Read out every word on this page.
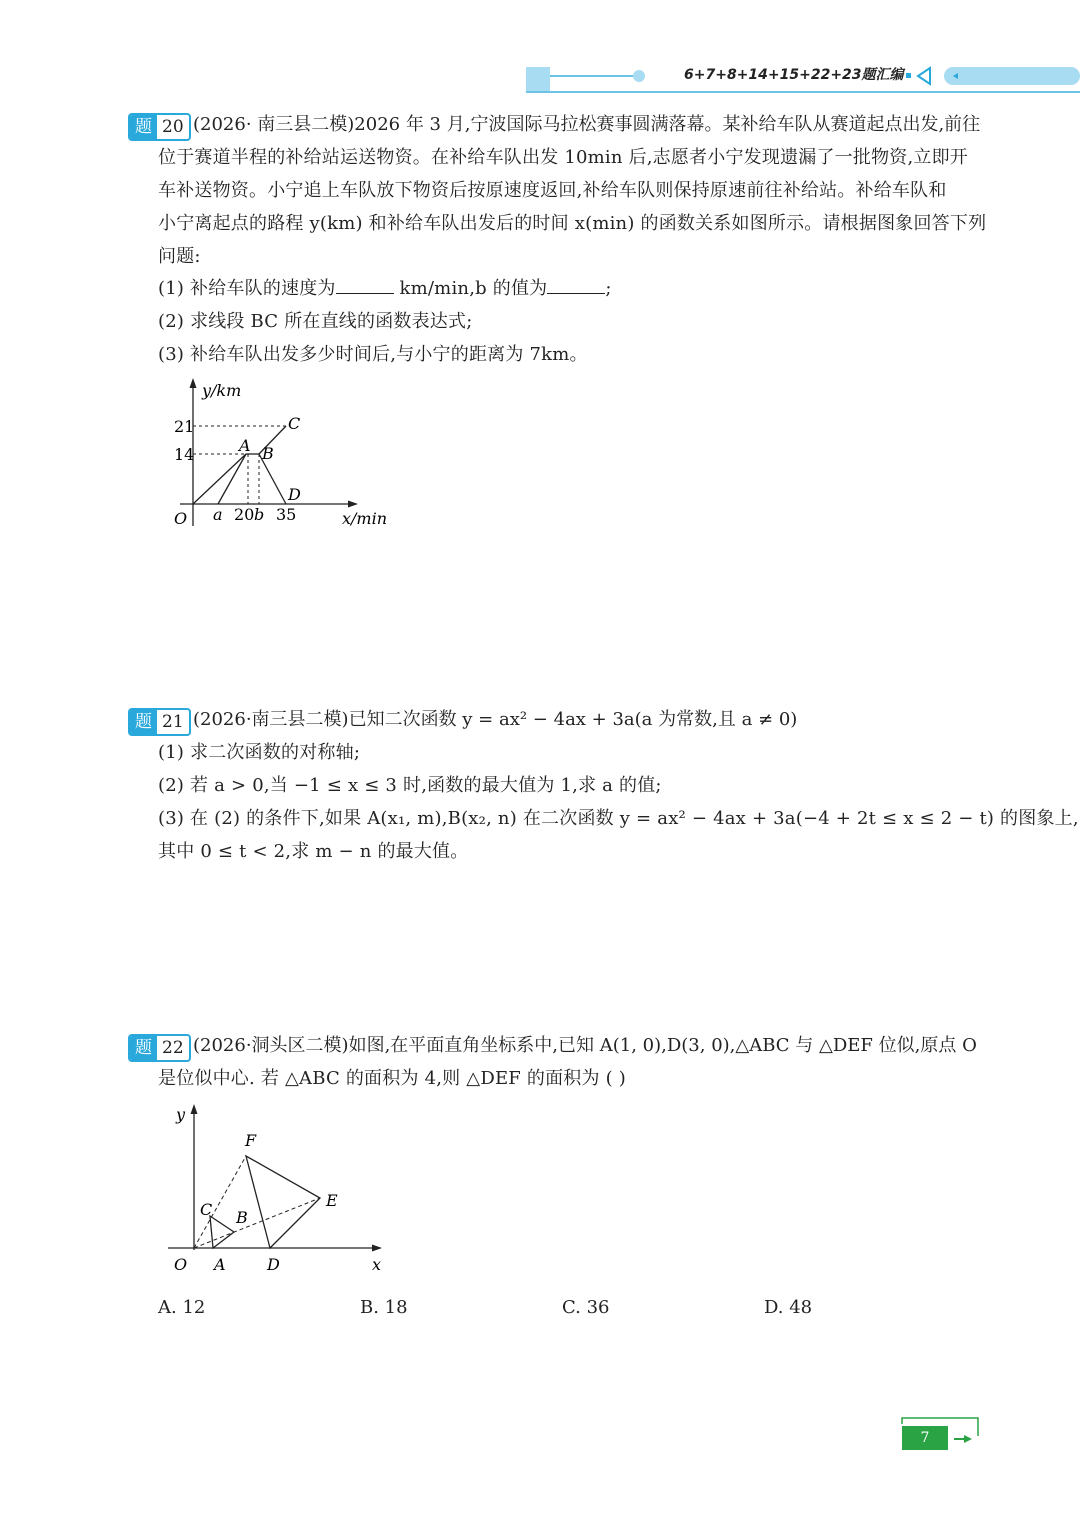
6+7+8+14+15+22+23题汇编
题 20 (2026· 南三县二模)2026 年 3 月,宁波国际马拉松赛事圆满落幕。某补给车队从赛道起点出发,前往
位于赛道半程的补给站运送物资。在补给车队出发 10min 后,志愿者小宁发现遗漏了一批物资,立即开
车补送物资。小宁追上车队放下物资后按原速度返回,补给车队则保持原速前往补给站。补给车队和
小宁离起点的路程 y(km) 和补给车队出发后的时间 x(min) 的函数关系如图所示。请根据图象回答下列
问题:
(1) 补给车队的速度为	km/min,b 的值为	;
(2) 求线段 BC 所在直线的函数表达式;
(3) 补给车队出发多少时间后,与小宁的距离为 7km。
y/km
21
14
O a 20 b 35	x/min
A B
C
D
题 21 (2026·南三县二模)已知二次函数 y = ax² − 4ax + 3a(a 为常数,且 a ≠ 0)
(1) 求二次函数的对称轴;
(2) 若 a > 0,当 −1 ≤ x ≤ 3 时,函数的最大值为 1,求 a 的值;
(3) 在 (2) 的条件下,如果 A(x₁, m),B(x₂, n) 在二次函数 y = ax² − 4ax + 3a(−4 + 2t ≤ x ≤ 2 − t) 的图象上,
其中 0 ≤ t < 2,求 m − n 的最大值。
题 22 (2026·洞头区二模)如图,在平面直角坐标系中,已知 A(1, 0),D(3, 0),△ABC 与 △DEF 位似,原点 O
是位似中心. 若 △ABC 的面积为 4,则 △DEF 的面积为 ( )
y
O A
B
C
D
E
F
x
A. 12	B. 18	C. 36	D. 48
7
